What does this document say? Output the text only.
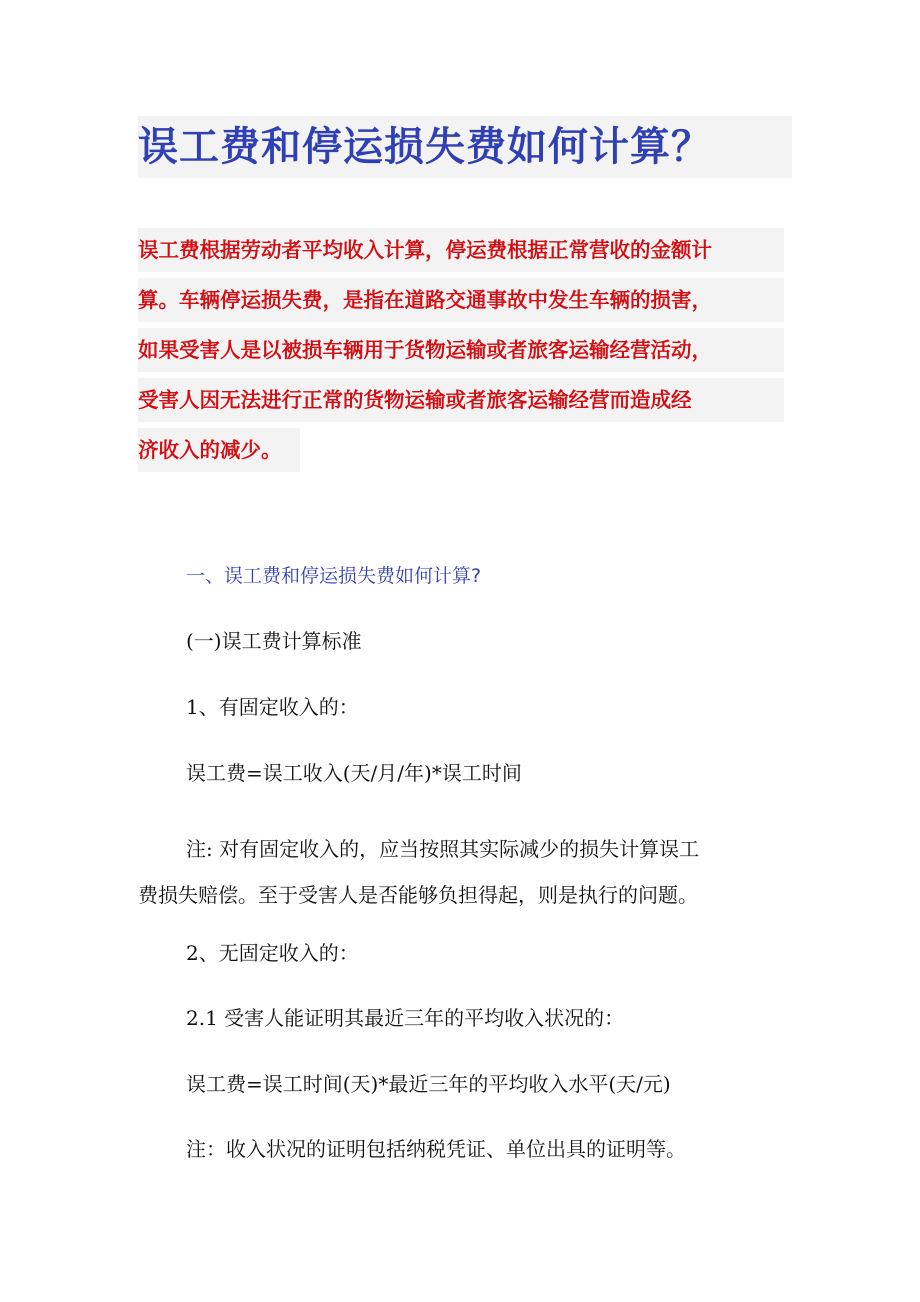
误工费和停运损失费如何计算？
误工费根据劳动者平均收入计算，停运费根据正常营收的金额计
算。车辆停运损失费，是指在道路交通事故中发生车辆的损害，
如果受害人是以被损车辆用于货物运输或者旅客运输经营活动，
受害人因无法进行正常的货物运输或者旅客运输经营而造成经
济收入的减少。
一、误工费和停运损失费如何计算?
(一)误工费计算标准
1、有固定收入的：
误工费=误工收入(天/月/年)*误工时间
注: 对有固定收入的，应当按照其实际减少的损失计算误工
费损失赔偿。至于受害人是否能够负担得起，则是执行的问题。
2、无固定收入的：
2.1 受害人能证明其最近三年的平均收入状况的：
误工费=误工时间(天)*最近三年的平均收入水平(天/元)
注：收入状况的证明包括纳税凭证、单位出具的证明等。
